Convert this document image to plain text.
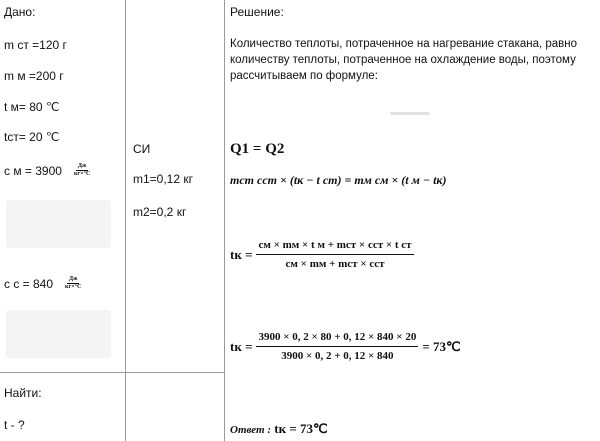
Дано:
m ст =120 г
m м =200 г
t м= 80 ℃
tст= 20 ℃
c $м = 3900 \frac{Дж}{кг\times^\circ С}$
c $с = 840 \frac{Дж}{кг\times^\circ С}$
СИ
m1=0,12 кг
m2=0,2 кг
Найти:
t - ?
Решение:
Количество теплоты, потраченное на нагревание стакана, равно
количеству теплоты, потраченное на охлаждение воды, поэтому
рассчитываем по формуле:
Q1 = Q2
mст cст × (tк − t ст) = mм cм × (t м − tк)
tк = $\frac{\text{cм × mм × t м + mст × cст × t ст}}{\text{cм × mм + mст × cст}}$
tк = $\frac{3900 \times 0, 2 \times 80 + 0, 12 \times 840 \times 20}{3900 \times 0, 2 + 0, 12 \times 840}$ = 73℃
Ответ : tк = 73℃
